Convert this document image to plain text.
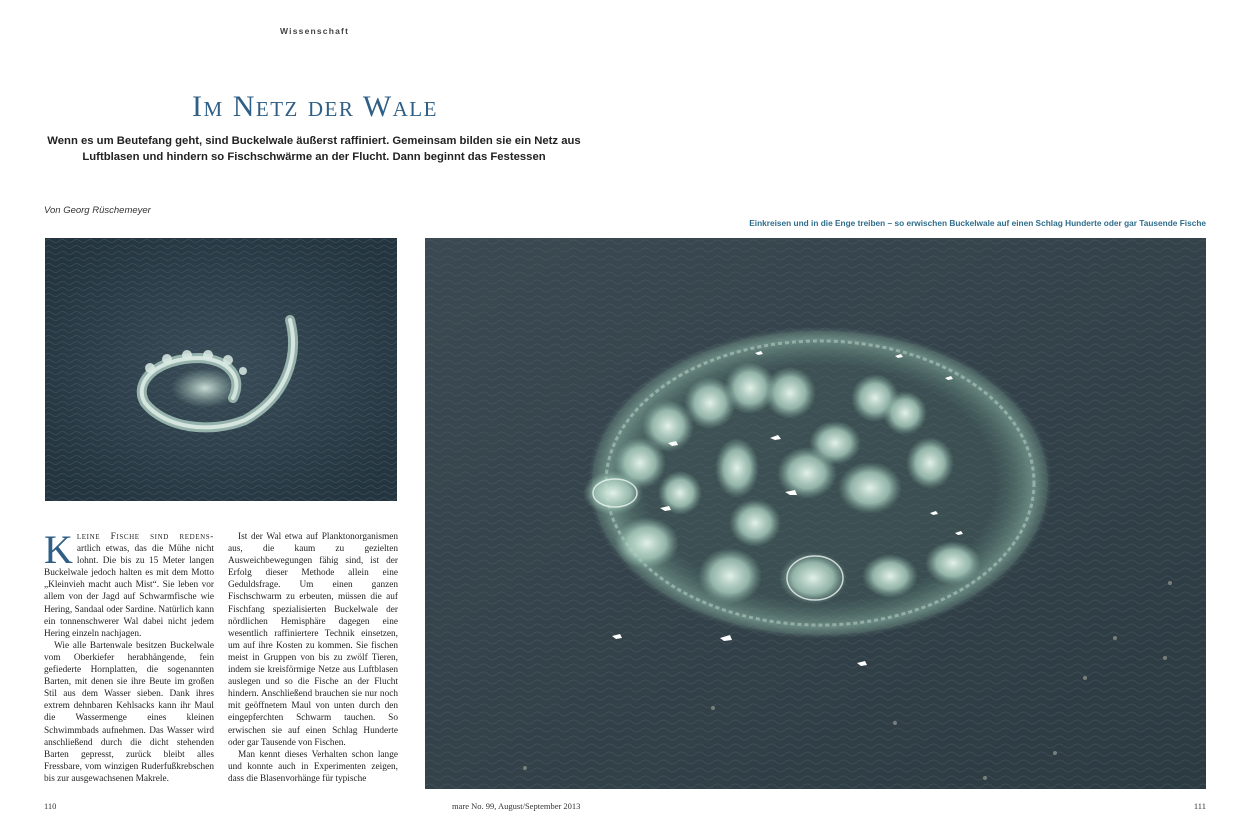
Wissenschaft
Im Netz der Wale
Wenn es um Beutefang geht, sind Buckelwale äußerst raffiniert. Gemeinsam bilden sie ein Netz aus Luftblasen und hindern so Fischschwärme an der Flucht. Dann beginnt das Festessen
Von Georg Rüschemeyer
Einkreisen und in die Enge treiben – so erwischen Buckelwale auf einen Schlag Hunderte oder gar Tausende Fische

Kleine Fische sind redens- artlich etwas, das die Mühe nicht lohnt. Die bis zu 15 Meter langen Buckelwale jedoch halten es mit dem Motto „Kleinvieh macht auch Mist“. Sie leben vor allem von der Jagd auf Schwarmfische wie Hering, Sandaal oder Sardine. Natürlich kann ein tonnenschwerer Wal dabei nicht jedem Hering einzeln nachjagen.

Wie alle Bartenwale besitzen Buckelwale vom Oberkiefer herabhängende, fein gefiederte Hornplatten, die sogenannten Barten, mit denen sie ihre Beute im großen Stil aus dem Wasser sieben. Dank ihres extrem dehnbaren Kehlsacks kann ihr Maul die Wassermenge eines kleinen Schwimmbads aufnehmen. Das Wasser wird anschließend durch die dicht stehenden Barten gepresst, zurück bleibt alles Fressbare, vom winzigen Ruderfußkrebschen bis zur ausgewachsenen Makrele.

Ist der Wal etwa auf Planktonorganismen aus, die kaum zu gezielten Ausweichbewegungen fähig sind, ist der Erfolg dieser Methode allein eine Geduldsfrage. Um einen ganzen Fischschwarm zu erbeuten, müssen die auf Fischfang spezialisierten Buckelwale der nördlichen Hemisphäre dagegen eine wesentlich raffiniertere Technik einsetzen, um auf ihre Kosten zu kommen. Sie fischen meist in Gruppen von bis zu zwölf Tieren, indem sie kreisförmige Netze aus Luftblasen auslegen und so die Fische an der Flucht hindern. Anschließend brauchen sie nur noch mit geöffnetem Maul von unten durch den eingepferchten Schwarm tauchen. So erwischen sie auf einen Schlag Hunderte oder gar Tausende von Fischen.

Man kennt dieses Verhalten schon lange und konnte auch in Experimenten zeigen, dass die Blasenvorhänge für typische

110	mare No. 99, August/September 2013	111
